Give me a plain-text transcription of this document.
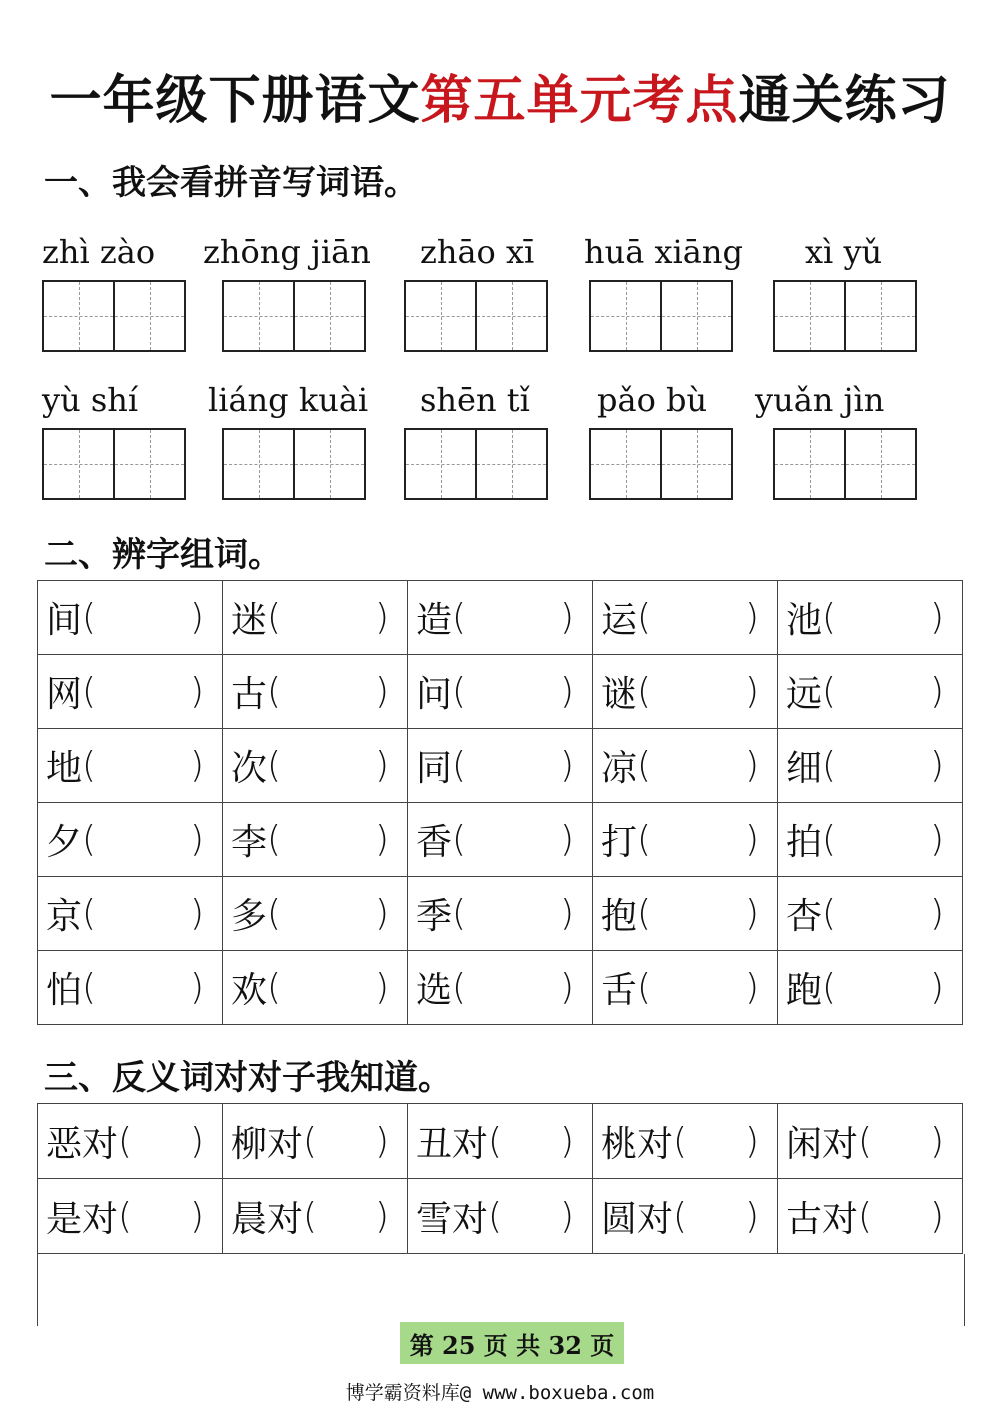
一年级下册语文第五单元考点通关练习
一、我会看拼音写词语。
zhì zào	zhōng jiān	zhāo xī	huā xiāng	xì yǔ
yù shí	liáng kuài	shēn tǐ	pǎo bù	yuǎn jìn
二、辨字组词。
间 ( )	迷 ( )	造 ( )	运 ( )	池 ( )

网 ( )	古 ( )	问 ( )	谜 ( )	远 ( )

地 ( )	次 ( )	同 ( )	凉 ( )	细 ( )

夕 ( )	李 ( )	香 ( )	打 ( )	拍 ( )

京 ( )	多 ( )	季 ( )	抱 ( )	杏 ( )

怕 ( )	欢 ( )	选 ( )	舌 ( )	跑 ( )
三、反义词对对子我知道。
恶对 ( )	柳对 ( )	丑对 ( )	桃对 ( )	闲对 ( )

是对 ( )	晨对 ( )	雪对 ( )	圆对 ( )	古对 ( )
第 25 页 共 32 页
博学霸资料库@ www.boxueba.com
